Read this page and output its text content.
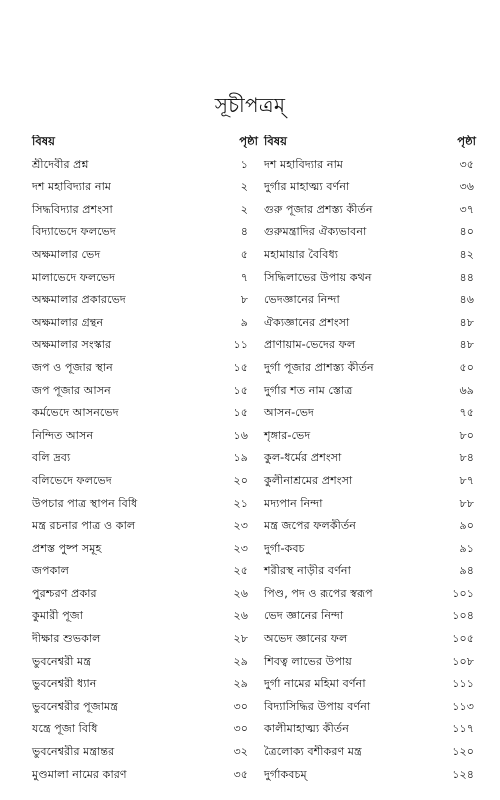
সূচীপত্রম্
বিষয়	পৃষ্ঠা বিষয়	পৃষ্ঠা
শ্রীদেবীর প্রশ্ন	১	দশ মহাবিদ্যার নাম	৩৫
দশ মহাবিদ্যার নাম	২	দুর্গার মাহাত্ম্য বর্ণনা	৩৬
সিদ্ধবিদ্যার প্রশংসা	২	গুরু পূজার প্রশস্ত্য কীর্তন	৩৭
বিদ্যাভেদে ফলভেদ	৪	গুরুমন্ত্রাদির ঐক্যভাবনা	৪০
অক্ষমালার ভেদ	৫	মহামায়ার বৈবিধ্য	৪২
মালাভেদে ফলভেদ	৭	সিদ্ধিলাভের উপায় কথন	৪৪
অক্ষমালার প্রকারভেদ	৮	ভেদজ্ঞানের নিন্দা	৪৬
অক্ষমালার গ্রন্থন	৯	ঐক্যজ্ঞানের প্রশংসা	৪৮
অক্ষমালার সংস্কার	১১	প্রাণায়াম-ভেদের ফল	৪৮
জপ ও পূজার স্থান	১৫	দুর্গা পূজার প্রাশস্ত্য কীর্তন	৫০
জপ পূজার আসন	১৫	দুর্গার শত নাম স্তোত্র	৬৯
কর্মভেদে আসনভেদ	১৫	আসন-ভেদ	৭৫
নিন্দিত আসন	১৬	শৃঙ্গার-ভেদ	৮০
বলি দ্রব্য	১৯	কুল-ধর্মের প্রশংসা	৮৪
বলিভেদে ফলভেদ	২০	কুলীনাশ্রমের প্রশংসা	৮৭
উপচার পাত্র স্থাপন বিধি	২১	মদ্যপান নিন্দা	৮৮
মন্ত্র রচনার পাত্র ও কাল	২৩	মন্ত্র জপের ফলকীর্তন	৯০
প্রশস্ত পুষ্প সমূহ	২৩	দুর্গা-কবচ	৯১
জপকাল	২৫	শরীরস্থ নাড়ীর বর্ণনা	৯৪
পুরশ্চরণ প্রকার	২৬	পিণ্ড, পদ ও রূপের স্বরূপ	১০১
কুমারী পূজা	২৬	ভেদ জ্ঞানের নিন্দা	১০৪
দীক্ষার শুভকাল	২৮	অভেদ জ্ঞানের ফল	১০৫
ভুবনেশ্বরী মন্ত্র	২৯	শিবত্ব লাভের উপায়	১০৮
ভুবনেশ্বরী ধ্যান	২৯	দুর্গা নামের মহিমা বর্ণনা	১১১
ভুবনেশ্বরীর পূজামন্ত্র	৩০	বিদ্যাসিদ্ধির উপায় বর্ণনা	১১৩
যন্ত্রে পূজা বিধি	৩০	কালীমাহাত্ম্য কীর্তন	১১৭
ভুবনেশ্বরীর মন্ত্রান্তর	৩২	ত্রৈলোক্য বশীকরণ মন্ত্র	১২০
মুণ্ডমালা নামের কারণ	৩৫	দুর্গাকবচম্	১২৪
